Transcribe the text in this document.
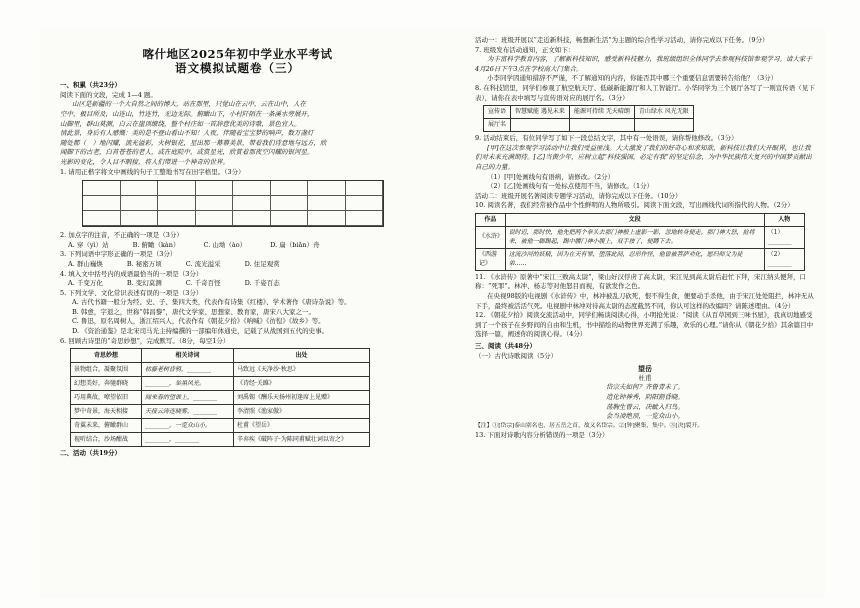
喀什地区2025年初中学业水平考试
语文模拟试题卷（三）
一、积累（共23分）

阅读下面的文段，完成 1—4 题。

山区是新疆的一个大自然之间的博大，站在那里，只觉山在云中，云在山中，人在

空中，极目所及，山连山，竹连竹，无边无际。俯瞰山下，小村阡陌在一条溪水旁展开，

山脚里，群山莫测，白云在崖顶缭绕，整个村庄如一首辞意优美的诗歌，景色宜人。

情此景，身后有人感慨：美的是不登山看山不知！人夜，伴随着宝宝梦的响声，数万盏灯

随处都（　）地闪耀，流光溢彩，火树银花，星出那一幕幕美景，带着我们诗意地与远方，欣

闻脚下的古老，白首苍苍的老人，或在庭院中，或赏星光，欣赏着那夜空闪耀的银河星。

光影的变化，令人目不暇接，将人们带进一个神奇的世界。

1. 请用正楷字将文中画线的句子工整地书写在田字格里。（3分）

2. 加点字的注音，不正确的一项是（3分）

A. 穿（yì）站	B. 俯瞰（kàn）	C. 山坳（ào）	D. 扁（biǎn）舟

3. 下列词语中字形正确的一项是（3分）

A. 群山巍焕	B. 秘密万顷	C. 流光溢采	D. 住足观赏

4. 填入文中括号内的成语最恰当的一项是（3分）

A. 千变万化	B. 变幻莫测	C. 千奇百怪	D. 千姿百态

5. 下列文学、文化常识表述有误的一项是（3分）

A. 古代书籍一般分为经、史、子、集四大类，代表作有诗集《红楼》、学术著作《唐诗杂说》等。

B. 韩愈，字退之，世称“韩昌黎”，唐代文学家、思想家、教育家，唐宋八大家之一。

C. 鲁迅，原名周树人，浙江绍兴人，代表作有《朝花夕拾》《呐喊》《彷徨》《故乡》等。

D. 《资治通鉴》是北宋司马光主持编撰的一部编年体通史，记载了从战国到五代的史事。

6. 回顾古诗里的“奇思妙想”，完成默写。（8分，每空1分）

奇思妙想	相关诗词	出处
景物组合，凝聚氛围	枯藤老树昏鸦，________	马致远《天净沙·秋思》
幻想美好，奔驰群晓	________，举黑风光。	《诗经·关雎》
巧用典故，嘹望依旧	闻来春的望谁上，________	刘禹锡《酬乐天扬州初逢席上见赠》
梦中奇景，海天相接	天接云涛连晓雾，________	李清照《渔家傲》
奇翼未来，俯瞰群山	________，一览众山小。	杜甫《望岳》
视听结合，沙场酣战	________，________	辛弃疾《破阵子·为陈同甫赋壮词以寄之》
二、活动（共19分）

活动一：班级开展以“走近新科技，畅想新生活”为主题的综合性学习活动，请你完成以下任务。（9分）

7. 班级发布活动通知，正文如下：

为丰富科学教育内容，了解新科技知识，感受新科技魅力，我班级组织全体同学去参观科技馆参观学习。请大家于4月26日下午3点在学校南大门集合。

小李同学因通知措辞不严谨，不了解通知的内容，你能否其中哪三个重要信息需要转告给他？（3分）

8. 在科技馆里，同学们参观了航空航天厅、低碳新能源厅和人工智能厅。小华同学为三个展厅各写了一则宣传语（见下表），请你在表中填写与宣传语对应的展厅名。（3分）

宣传语	智慧赋能 遇见未来	能源可持续 无天晴朗	青山绿水 风光无限
展厅名			

9. 活动结束后，有位同学写了如下一段总结文字，其中有一处语误，请你帮他修改。（3分）

[甲]在这次参观学习活动中让我们受益匪浅。大大激发了我们的好奇心和求知欲，新科技让我们大开眼界，也让我们对未来充满期待。[乙]当黄少年，应树立起“科技强国，必定有我”的坚定信念，为中华民族伟大复兴的中国梦贡献出自己的力量。

（1）[甲]处画线句有语病，请修改。（2分）

（2）[乙]处画线句有一处标点使用不当，请修改。（1分）

活动二：班级开展名著阅读专题学习活动，请你完成以下任务。（10分）

10. 阅读名著，我们经常被作品中个性鲜明的人物所吸引。阅读下面文段，写出画线代词所指代的人物。（2分）

作品	文段	人物
《水浒》	说时迟，那时快，他先把两个拳头去那门神般上虚影一影，忽地转身便走。那门神大怒，抢将来，被他一脚踢起，踢中腰门神小腹上，双手按了，便蹲下去。	（1）________
《西游记》	这流沙河的妖精，因为在天有罪，堕落此间，忍形作怪，他曾被菩萨劝化，愿归师父为徒弟……	（2）________

11. 《水浒传》原著中“宋江三败高太尉”，梁山好汉俘虏了高太尉，宋江见到高太尉后赶忙下拜，宋江纳头便拜，口称：“死罪”。林冲、杨志等对他怒目而视，有欲发作之色。

在央视98版的电视剧《水浒传》中，林冲被乱刀砍死，恨不得生食，便要动手杀他，由于宋江处处阻拦，林冲无从下手，最终被活活气死。电视剧中林冲对待高太尉的态度截然不同，你认可这样的改编吗？请陈述理由。（4分）

12. 《朝花夕拾》阅读交流活动中，同学们畅谈阅读心得，小明抢先说：“阅读《从百草园到三味书屋》，我真切地感受到了一个孩子在乡野间的自由和生机，书中描绘的动物世界充满了乐趣，欢乐的心理。”请你从《朝花夕拾》其余篇目中选择一篇，阐述你的阅读心得。（4分）

三、阅读（共48分）

（一）古代诗歌阅读（5分）

望岳
杜甫
岱宗夫如何？齐鲁青未了。
造化钟神秀，阴阳割昏晓。
荡胸生曾云，决眦入归鸟。
会当凌绝顶，一览众山小。

【注】①[岱宗]泰山别名也，居五岳之首，故又名岱宗。②[钟]聚集，集中。③[决]裂开。

13. 下面对诗歌内容分析错误的一项是（3分）
